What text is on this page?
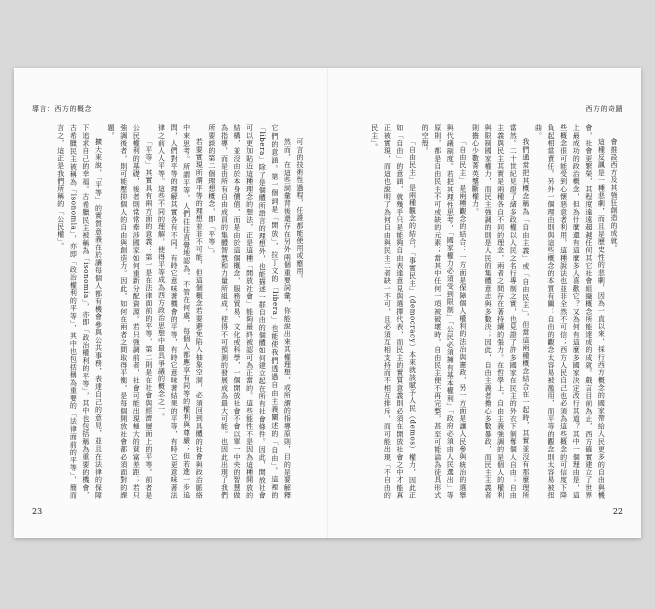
導言：西方的概念

可言的技術性過程，任誰都能使用或應用。

然而，在這些詞彙背後還存在另外兩個重要詞彙，你能說出來其權理想，或所謂的指導原則，目的是要解釋它們的意涵。第一個詞是「開放」，拉丁文的「libera」也能使我們透過自由主義闡述的「自由」。這裡的「libera」除了是個體所語言的理想外，也能描述一群自由的個體如何建立起在所有社會條件。因此，開放社會可以更加貼近這種理念的想法，正是這種「開放社會」能夠最終被認可為正當的。這些能性不是因為這種開放的結構，並沒由於本身價值，而是由於這個概念，服務貿易、文化或科學，一個開放社會不會以單一中央的智慧做為指導，而是由所有自由成員的集體智慧和力量所組成，使得不可預測的發展成為最大可能。也因此出現了我們所要談的第二個理想概念，即「平等」。

若要實現所謂平等的理想並非不可能，但這個概念若要避免陷入抽象空洞，必須回到具體的社會與政治脈絡中來思考。所謂平等，人們往往直覺地認為，不管在何處，每個人都應享有同等的權利與尊嚴；但若進一步追問，人們對平等的理解其實各有不同。有時它意味著機會的平等，有時它意味著結果的平等，有時它更意味著法律之前人人平等。這些不同的理解，使得平等成為西方政治思想中最具爭議的概念之一。

「平等」其實具有兩方面的意義：第一是在法律面前的平等，第二則是在社會與經濟層面上的平等。前者是公民權利的基礎，後者則常常牽涉國家如何重新分配資源。若只強調前者，社會可能出現極大的貧富差距；若只強調後者，則可能壓抑個人的自由與創造力。因此，如何在兩者之間取得平衡，是每個開放社會都必須面對的課題。

擴大來說，「平等」的實質意義在於讓每個人都有機會參與公共事務，表達自己的意見，並且在法律的保障下追求自己的幸福。古希臘民主被稱為「isonomia」，亦即「政治權利的平等」，其中也包括稱為重要的機會，古希臘民主被稱為「isonomia」，亦即「政治權利的平等」，其中也包括稱為重要的「法律面前的平等」，簡而言之，這正是我們所稱的「公民權」。

23
西方的奇蹟

會推設西方及其強狂創造的成就。

這種反諷是一種悲劇，而且是歷史性的悲劇，因為一直以來，採行西方概念的國家帶給人民更多的自由與機會，社會更繁榮，其程度遠遠超越任何其它社會組織概念所能達成的成就。戲言目前為止，西方確實建立了世界上最成功的政治概念，但為什麼還有這麼多人喜歡它？又為何有這麼多國家決定改行其道？其中一個理由是，這些概念很可能受到心懷惡意者利用，這種說法也並非全然不可信；西方人民自己也必須為這些概念的可信度下降負起相當責任。另外一個理由則與這些概念的本質有關：自由的觀念太容易被濫用，而平等的觀念則太容易被扭曲。

我們通常把其概念稱為「自由主義」或「自由民主」，但當這兩種概念結合在一起時，其實並沒有那麼理所當然。二十世紀見證了諸多政權以人民之名行專制之實，也見證了許多國家在民主的外衣下剝奪個人自由；自由主義與民主其實是兩種各自不同的理念，兩者之間存在著持續的張力。在哲學上，自由主義強調的是個人的權利與限制國家權力，而民主強調的則是人民的集體意志與多數決；因此，自由主義者擔心多數暴政，而民主主義者則擔心少數菁英壟斷權力。

「自由民主」是兩種觀念的結合：一方面是保障個人權利的法治與憲政，另一方面是讓人民參與統治的選舉與代議制度。若把其理性思考，「國家權力必須受到限制」「公民必須擁有基本權利」「政府必須由人民選出」等原則，都是自由民主不可或缺的元素；當其中任何一項被破壞時，自由民主便不再完整，甚至可能淪為徒具形式的空殼。

「自由民主」是兩種觀念的結合，「事實民主」（democracy）本來就該賦予人民（demos）權力，因此正如「自由」的意涵，就幾乎只是能夠自由表達意見與選擇代表，而民主的實質意義則必須在開放社會之中才能真正被實現，而這也說明了為何自由與民主二者缺一不可，且必須互相支持而不相互排斥，而可能出現「不自由的民主」。

22
